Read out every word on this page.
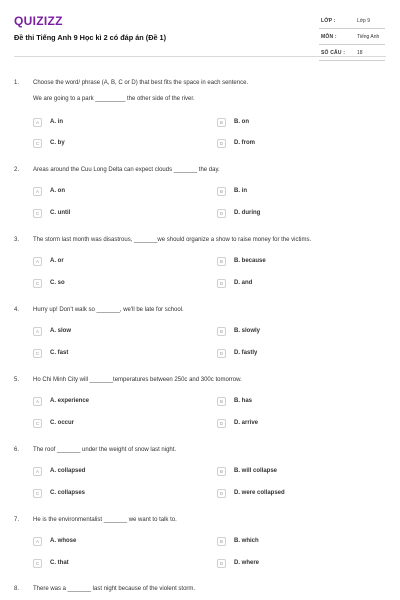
QUIZIZZ
Đề thi Tiếng Anh 9 Học kì 2 có đáp án (Đề 1)
LỚP :	Lớp 9
MÔN :	Tiếng Anh
SỐ CÂU : 18
1. Choose the word/ phrase (A, B, C or D) that best fits the space in each sentence.
We are going to a park _________ the other side of the river.
A	A. in	B	B. on
C	C. by	D	D. from
2. Areas around the Cuu Long Delta can expect clouds _______ the day.
A	A. on	B	B. in
C	C. until	D	D. during
3. The storm last month was disastrous, _______we should organize a show to raise money for the victims.
A	A. or	B	B. because
C	C. so	D	D. and
4. Hurry up! Don't walk so _______, we'll be late for school.
A	A. slow	B	B. slowly
C	C. fast	D	D. fastly
5. Ho Chi Minh City will _______temperatures between 250c and 300c tomorrow.
A	A. experience	B	B. has
C	C. occur	D	D. arrive
6. The roof _______ under the weight of snow last night.
A	A. collapsed	B	B. will collapse
C	C. collapses	D	D. were collapsed
7. He is the environmentalist _______ we want to talk to.
A	A. whose	B	B. which
C	C. that	D	D. where
8. There was a _______ last night because of the violent storm.
